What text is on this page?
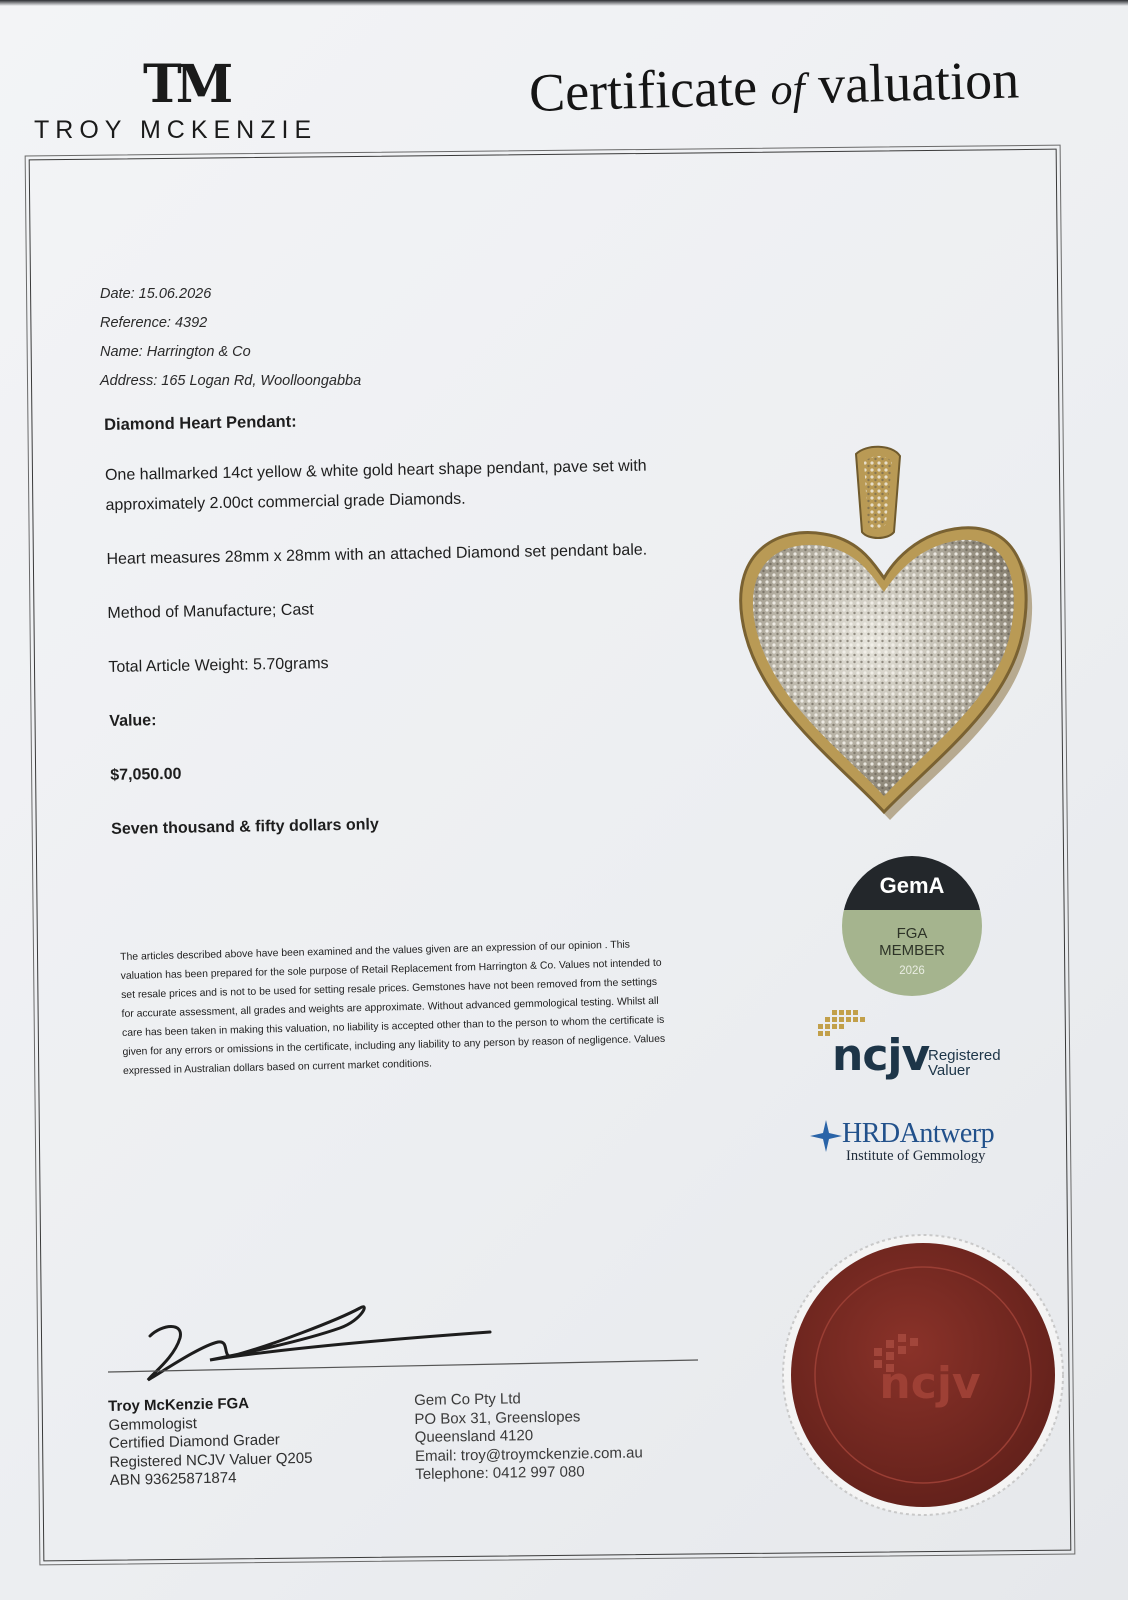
TM
TROY MCKENZIE
Certificate of valuation
Date: 15.06.2026
Reference: 4392
Name: Harrington & Co
Address: 165 Logan Rd, Woolloongabba

Diamond Heart Pendant:

One hallmarked 14ct yellow & white gold heart shape pendant, pave set with approximately 2.00ct commercial grade Diamonds.

Heart measures 28mm x 28mm with an attached Diamond set pendant bale.

Method of Manufacture; Cast

Total Article Weight: 5.70grams

Value:

$7,050.00

Seven thousand & fifty dollars only

The articles described above have been examined and the values given are an expression of our opinion . This valuation has been prepared for the sole purpose of Retail Replacement from Harrington & Co. Values not intended to set resale prices and is not to be used for setting resale prices. Gemstones have not been removed from the settings for accurate assessment, all grades and weights are approximate. Without advanced gemmological testing. Whilst all care has been taken in making this valuation, no liability is accepted other than to the person to whom the certificate is given for any errors or omissions in the certificate, including any liability to any person by reason of negligence. Values expressed in Australian dollars based on current market conditions.
GemA
FGA
MEMBER
2026
ncjv
Registered
Valuer
HRDAntwerp
Institute of Gemmology
Troy McKenzie FGA
Gemmologist
Certified Diamond Grader
Registered NCJV Valuer Q205
ABN 93625871874
Gem Co Pty Ltd
PO Box 31, Greenslopes
Queensland 4120
Email: troy@troymckenzie.com.au
Telephone: 0412 997 080
ncjv
